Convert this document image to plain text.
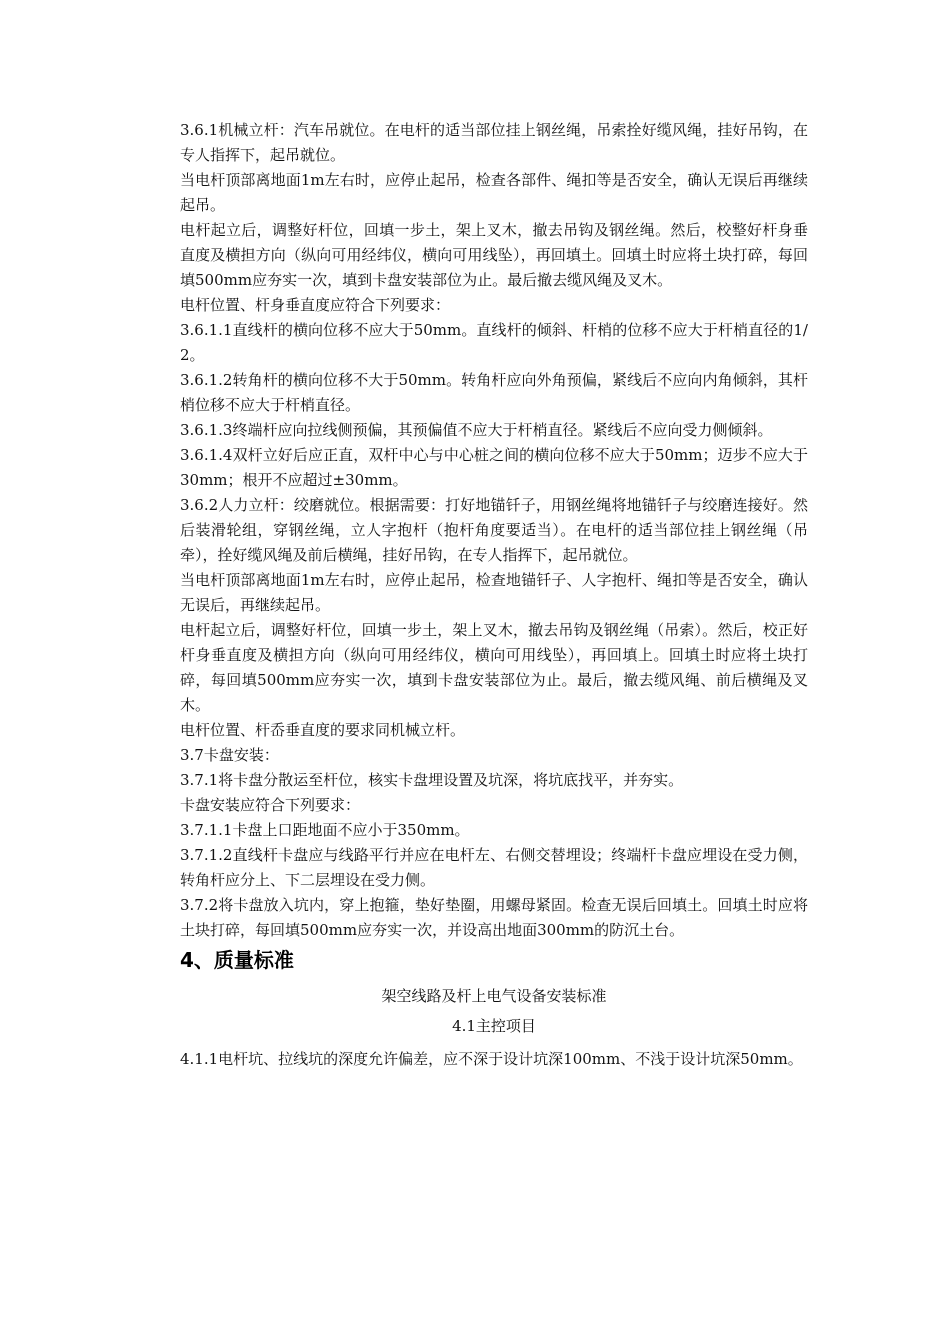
3.6.1机械立杆：汽车吊就位。在电杆的适当部位挂上钢丝绳，吊索拴好缆风绳，挂好吊钩，在专人指挥下，起吊就位。

当电杆顶部离地面1m左右时，应停止起吊，检查各部件、绳扣等是否安全，确认无误后再继续起吊。

电杆起立后，调整好杆位，回填一步土，架上叉木，撤去吊钩及钢丝绳。然后，校整好杆身垂直度及横担方向（纵向可用经纬仪，横向可用线坠），再回填土。回填土时应将土块打碎，每回填500mm应夯实一次，填到卡盘安装部位为止。最后撤去缆风绳及叉木。

电杆位置、杆身垂直度应符合下列要求：

3.6.1.1直线杆的横向位移不应大于50mm。直线杆的倾斜、杆梢的位移不应大于杆梢直径的1/2。

3.6.1.2转角杆的横向位移不大于50mm。转角杆应向外角预偏，紧线后不应向内角倾斜，其杆梢位移不应大于杆梢直径。

3.6.1.3终端杆应向拉线侧预偏，其预偏值不应大于杆梢直径。紧线后不应向受力侧倾斜。

3.6.1.4双杆立好后应正直，双杆中心与中心桩之间的横向位移不应大于50mm；迈步不应大于30mm；根开不应超过±30mm。

3.6.2人力立杆：绞磨就位。根据需要：打好地锚钎子，用钢丝绳将地锚钎子与绞磨连接好。然后装滑轮组，穿钢丝绳，立人字抱杆（抱杆角度要适当）。在电杆的适当部位挂上钢丝绳（吊牵），拴好缆风绳及前后横绳，挂好吊钩，在专人指挥下，起吊就位。

当电杆顶部离地面1m左右时，应停止起吊，检查地锚钎子、人字抱杆、绳扣等是否安全，确认无误后，再继续起吊。

电杆起立后，调整好杆位，回填一步土，架上叉木，撤去吊钩及钢丝绳（吊索）。然后，校正好杆身垂直度及横担方向（纵向可用经纬仪，横向可用线坠），再回填上。回填土时应将土块打碎，每回填500mm应夯实一次，填到卡盘安装部位为止。最后，撤去缆风绳、前后横绳及叉木。

电杆位置、杆岙垂直度的要求同机械立杆。

3.7卡盘安装：

3.7.1将卡盘分散运至杆位，核实卡盘埋设置及坑深，将坑底找平，并夯实。

卡盘安装应符合下列要求：

3.7.1.1卡盘上口距地面不应小于350mm。

3.7.1.2直线杆卡盘应与线路平行并应在电杆左、右侧交替埋设；终端杆卡盘应埋设在受力侧，转角杆应分上、下二层埋设在受力侧。

3.7.2将卡盘放入坑内，穿上抱箍，垫好垫圈，用螺母紧固。检查无误后回填土。回填土时应将土块打碎，每回填500mm应夯实一次，并设高出地面300mm的防沉土台。

4、质量标准

架空线路及杆上电气设备安装标准

4.1主控项目

4.1.1电杆坑、拉线坑的深度允许偏差，应不深于设计坑深100mm、不浅于设计坑深50mm。
